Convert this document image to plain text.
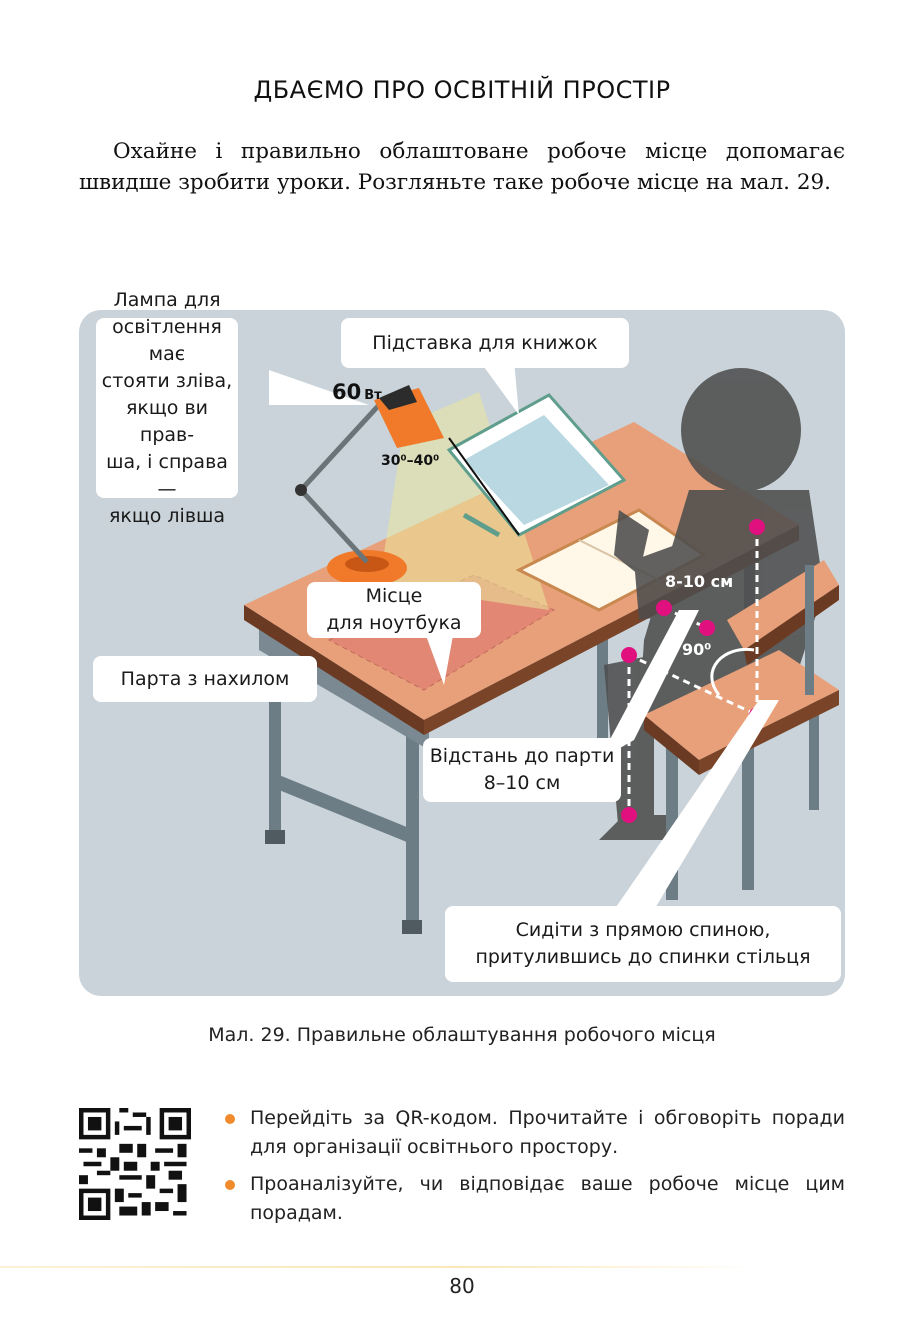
ДБАЄМО ПРО ОСВІТНІЙ ПРОСТІР

Охайне і правильно облаштоване робоче місце допомагає швидше зробити уроки. Розгляньте таке робоче місце на мал. 29.

Лампа для
освітлення має
стояти зліва,
якщо ви прав-
ша, і справа —
якщо лівша
Підставка для книжок
Місце
для ноутбука
Парта з нахилом
Відстань до парти
8–10 см
Сидіти з прямою спиною,
притулившись до спинки стільця
60 Вт
30⁰–40⁰
8-10 см
90⁰
Мал. 29. Правильне облаштування робочого місця
Перейдіть за QR-кодом. Прочитайте і обговоріть поради для організації освітнього простору.
Проаналізуйте, чи відповідає ваше робоче місце цим порадам.
80
